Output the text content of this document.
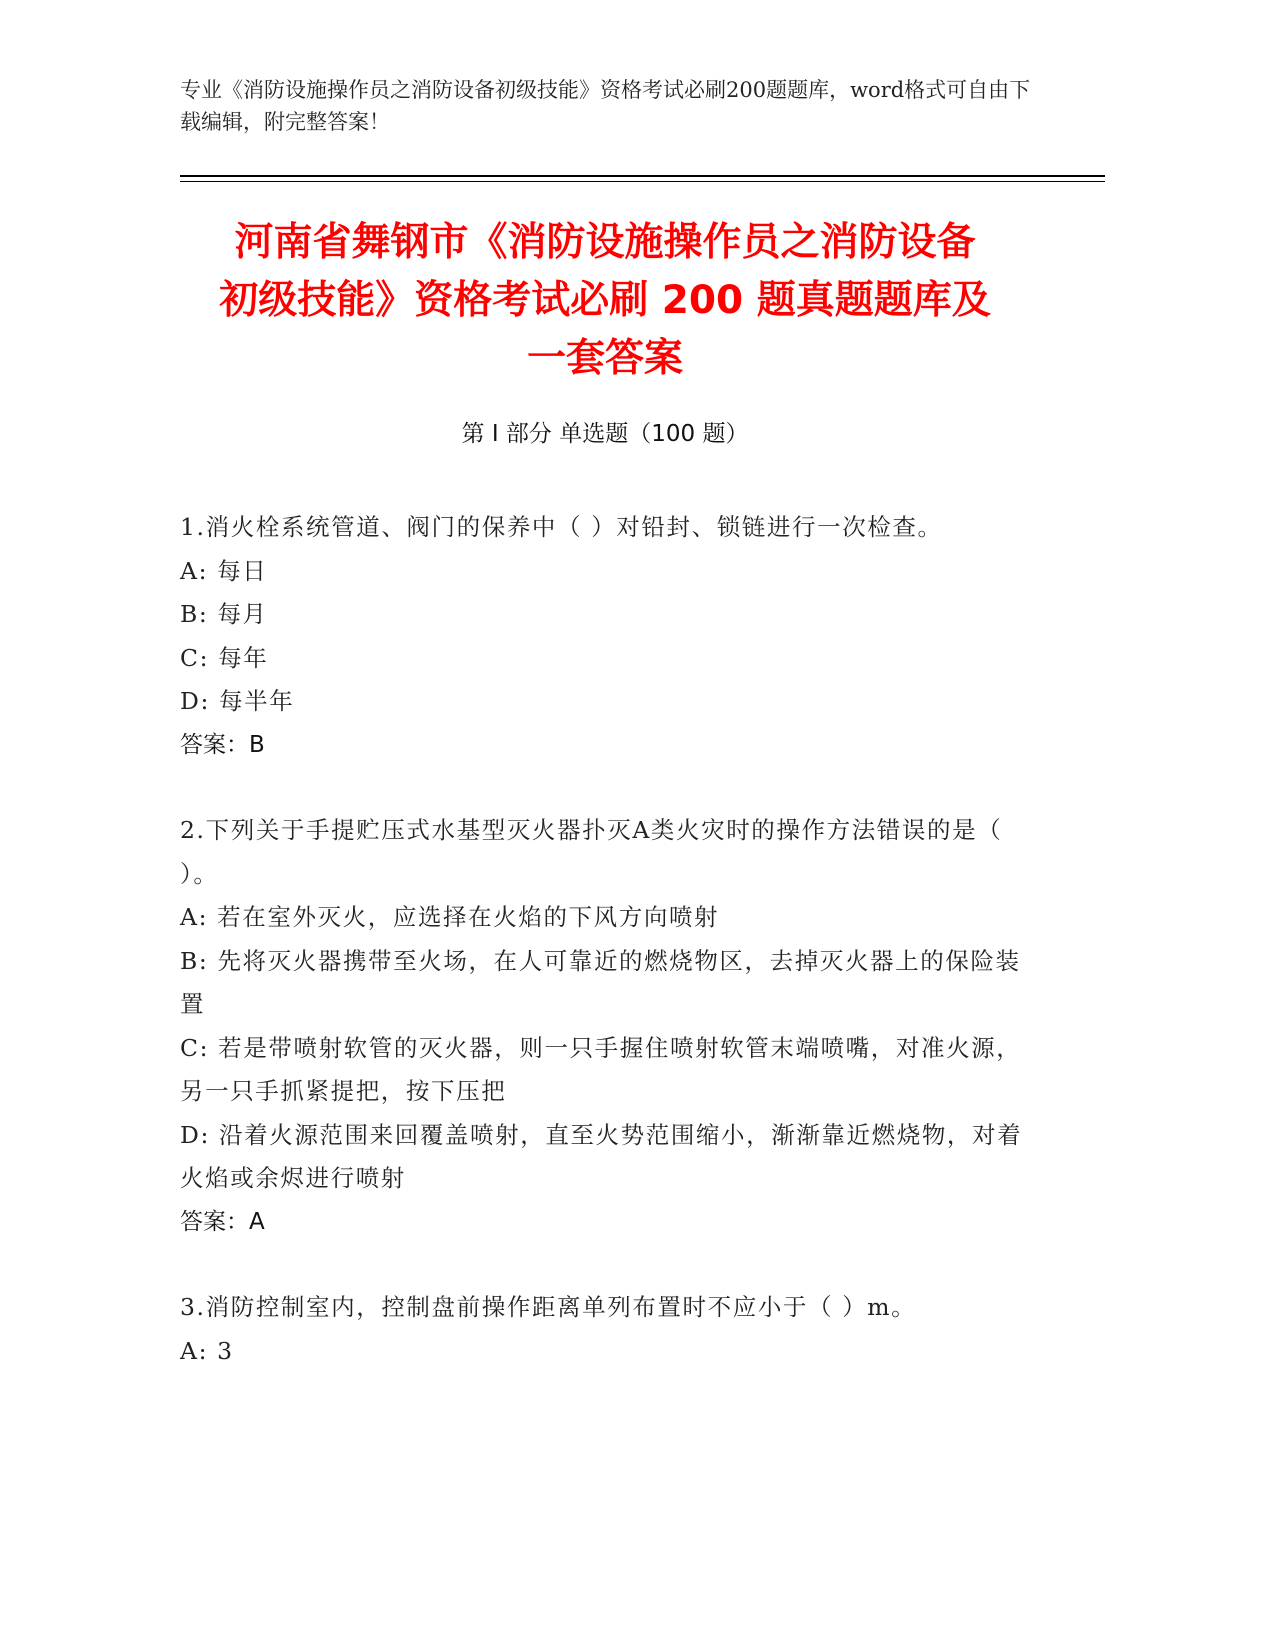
专业《消防设施操作员之消防设备初级技能》资格考试必刷200题题库，word格式可自由下载编辑，附完整答案！
河南省舞钢市《消防设施操作员之消防设备
初级技能》资格考试必刷 200 题真题题库及
一套答案
第 I 部分 单选题（100 题）
1.消火栓系统管道、阀门的保养中（ ）对铅封、锁链进行一次检查。
A: 每日
B: 每月
C: 每年
D: 每半年
答案：B
2.下列关于手提贮压式水基型灭火器扑灭A类火灾时的操作方法错误的是（ ）。
A: 若在室外灭火，应选择在火焰的下风方向喷射
B: 先将灭火器携带至火场，在人可靠近的燃烧物区，去掉灭火器上的保险装置
C: 若是带喷射软管的灭火器，则一只手握住喷射软管末端喷嘴，对准火源，另一只手抓紧提把，按下压把
D: 沿着火源范围来回覆盖喷射，直至火势范围缩小，渐渐靠近燃烧物，对着火焰或余烬进行喷射
答案：A
3.消防控制室内，控制盘前操作距离单列布置时不应小于（ ）m。
A: 3
